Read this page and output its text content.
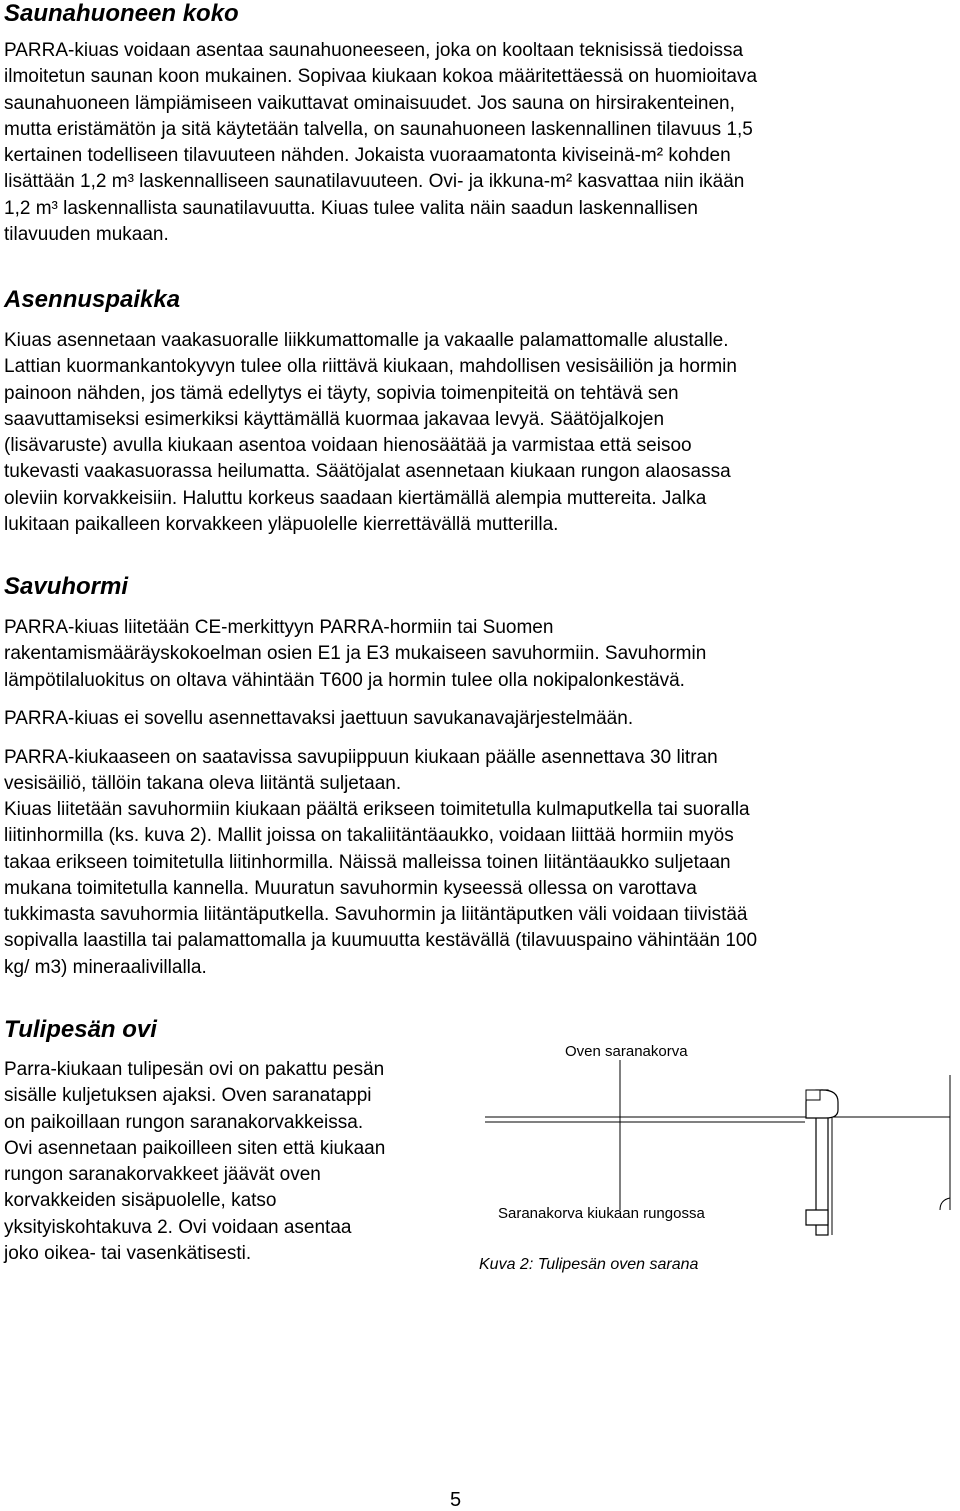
Saunahuoneen koko
PARRA-kiuas voidaan asentaa saunahuoneeseen, joka on kooltaan teknisissä tiedoissa
ilmoitetun saunan koon mukainen. Sopivaa kiukaan kokoa määritettäessä on huomioitava
saunahuoneen lämpiämiseen vaikuttavat ominaisuudet. Jos sauna on hirsirakenteinen,
mutta eristämätön ja sitä käytetään talvella, on saunahuoneen laskennallinen tilavuus 1,5
kertainen todelliseen tilavuuteen nähden. Jokaista vuoraamatonta kiviseinä-m² kohden
lisättään 1,2 m³ laskennalliseen saunatilavuuteen. Ovi- ja ikkuna-m² kasvattaa niin ikään
1,2 m³ laskennallista saunatilavuutta. Kiuas tulee valita näin saadun laskennallisen
tilavuuden mukaan.
Asennuspaikka
Kiuas asennetaan vaakasuoralle liikkumattomalle ja vakaalle palamattomalle alustalle.
Lattian kuormankantokyvyn tulee olla riittävä kiukaan, mahdollisen vesisäiliön ja hormin
painoon nähden, jos tämä edellytys ei täyty, sopivia toimenpiteitä on tehtävä sen
saavuttamiseksi esimerkiksi käyttämällä kuormaa jakavaa levyä. Säätöjalkojen
(lisävaruste) avulla kiukaan asentoa voidaan hienosäätää ja varmistaa että seisoo
tukevasti vaakasuorassa heilumatta. Säätöjalat asennetaan kiukaan rungon alaosassa
oleviin korvakkeisiin. Haluttu korkeus saadaan kiertämällä alempia muttereita. Jalka
lukitaan paikalleen korvakkeen yläpuolelle kierrettävällä mutterilla.
Savuhormi
PARRA-kiuas liitetään CE-merkittyyn PARRA-hormiin tai Suomen
rakentamismääräyskokoelman osien E1 ja E3 mukaiseen savuhormiin. Savuhormin
lämpötilaluokitus on oltava vähintään T600 ja hormin tulee olla nokipalonkestävä.
PARRA-kiuas ei sovellu asennettavaksi jaettuun savukanavajärjestelmään.
PARRA-kiukaaseen on saatavissa savupiippuun kiukaan päälle asennettava 30 litran
vesisäiliö, tällöin takana oleva liitäntä suljetaan.
Kiuas liitetään savuhormiin kiukaan päältä erikseen toimitetulla kulmaputkella tai suoralla
liitinhormilla (ks. kuva 2). Mallit joissa on takaliitäntäaukko, voidaan liittää hormiin myös
takaa erikseen toimitetulla liitinhormilla. Näissä malleissa toinen liitäntäaukko suljetaan
mukana toimitetulla kannella. Muuratun savuhormin kyseessä ollessa on varottava
tukkimasta savuhormia liitäntäputkella. Savuhormin ja liitäntäputken väli voidaan tiivistää
sopivalla laastilla tai palamattomalla ja kuumuutta kestävällä (tilavuuspaino vähintään 100
kg/ m3) mineraalivillalla.
Tulipesän ovi
Parra-kiukaan tulipesän ovi on pakattu pesän
sisälle kuljetuksen ajaksi. Oven saranatappi
on paikoillaan rungon saranakorvakkeissa.
Ovi asennetaan paikoilleen siten että kiukaan
rungon saranakorvakkeet jäävät oven
korvakkeiden sisäpuolelle, katso
yksityiskohtakuva 2. Ovi voidaan asentaa
joko oikea- tai vasenkätisesti.
Oven saranakorva
Saranakorva kiukaan rungossa
Kuva 2: Tulipesän oven sarana
5
